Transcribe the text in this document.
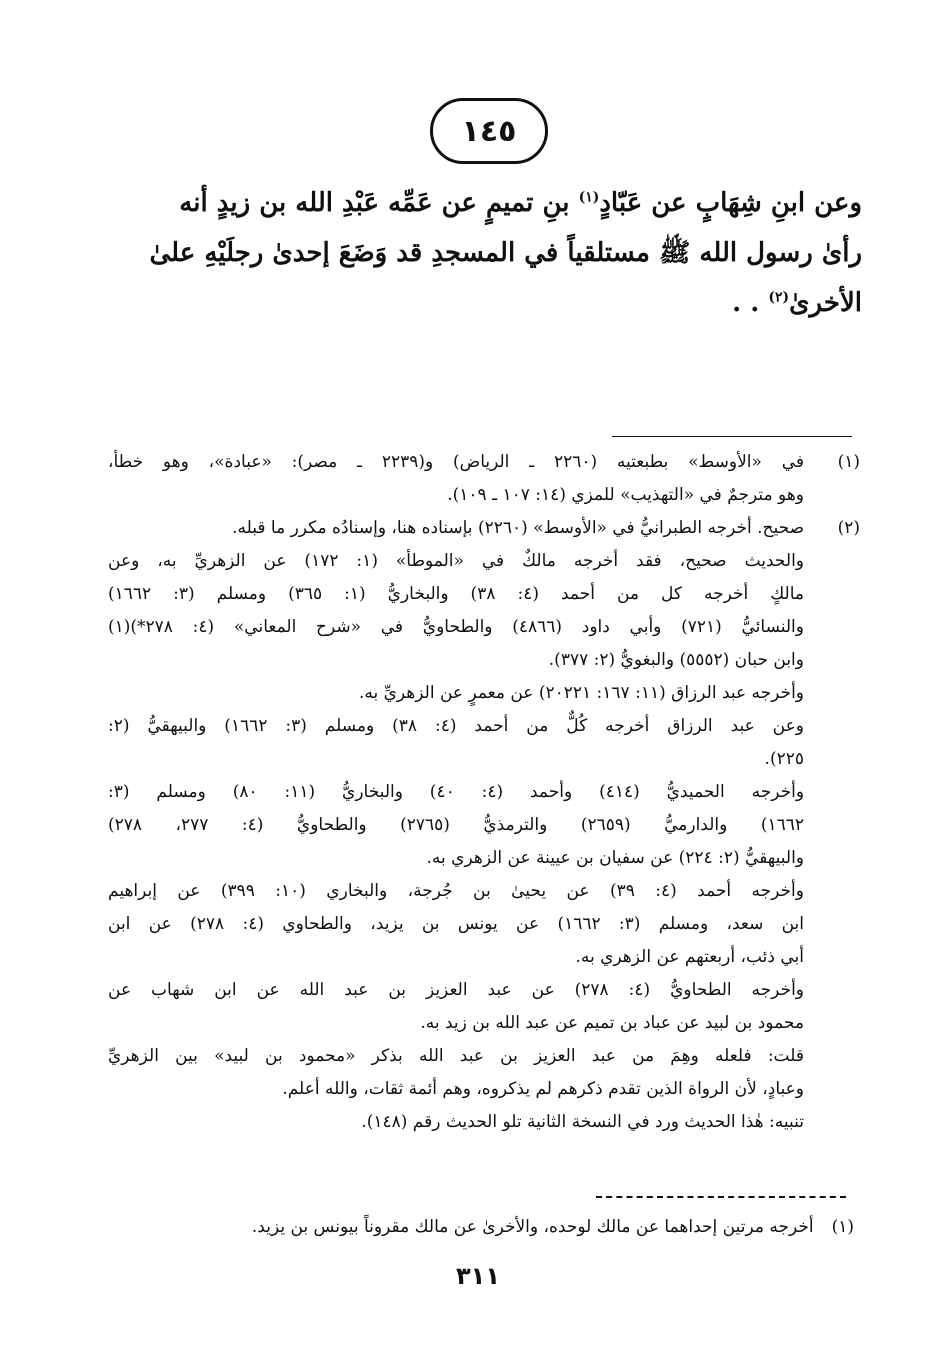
١٤٥

وعن ابنِ شِهَابٍ عن عَبّادٍ$^{(١)}$ بنِ تميمٍ عن عَمِّه عَبْدِ الله بن زيدٍ أنه

رأىٰ رسول الله ﷺ مستلقياً في المسجدِ قد وَضَعَ إحدىٰ رجلَيْهِ علىٰ

الأخرىٰ$^{(٢)}$ . .

(١)
في «الأوسط» بطبعتيه (٢٢٦٠ ـ الرياض) و(٢٢٣٩ ـ مصر): «عبادة»، وهو خطأ،
وهو مترجمٌ في «التهذيب» للمزي (١٤: ١٠٧ ـ ١٠٩).
(٢)
صحيح. أخرجه الطبرانيُّ في «الأوسط» (٢٢٦٠) بإسناده هنا، وإسنادُه مكرر ما قبله.
والحديث صحيح، فقد أخرجه مالكٌ في «الموطأ» (١: ١٧٢) عن الزهريِّ به، وعن
مالكٍ أخرجه كل من أحمد (٤: ٣٨) والبخاريُّ (١: ٣٦٥) ومسلم (٣: ١٦٦٢)
والنسائيُّ (٧٢١) وأبي داود (٤٨٦٦) والطحاويُّ في «شرح المعاني» (٤: ٢٧٨*)(١)
وابن حبان (٥٥٥٢) والبغويُّ (٢: ٣٧٧).
وأخرجه عبد الرزاق (١١: ١٦٧: ٢٠٢٢١) عن معمرٍ عن الزهريِّ به.
وعن عبد الرزاق أخرجه كُلٌّ من أحمد (٤: ٣٨) ومسلم (٣: ١٦٦٢) والبيهقيُّ (٢:
٢٢٥).
وأخرجه الحميديُّ (٤١٤) وأحمد (٤: ٤٠) والبخاريُّ (١١: ٨٠) ومسلم (٣:
١٦٦٢) والدارميُّ (٢٦٥٩) والترمذيُّ (٢٧٦٥) والطحاويُّ (٤: ٢٧٧، ٢٧٨)
والبيهقيُّ (٢: ٢٢٤) عن سفيان بن عيينة عن الزهري به.
وأخرجه أحمد (٤: ٣٩) عن يحيىٰ بن جُرجة، والبخاري (١٠: ٣٩٩) عن إبراهيم
ابن سعد، ومسلم (٣: ١٦٦٢) عن يونس بن يزيد، والطحاوي (٤: ٢٧٨) عن ابن
أبي ذئب، أربعتهم عن الزهري به.
وأخرجه الطحاويُّ (٤: ٢٧٨) عن عبد العزيز بن عبد الله عن ابن شهاب عن
محمود بن لبيد عن عباد بن تميم عن عبد الله بن زيد به.
قلت: فلعله وهِمَ من عبد العزيز بن عبد الله بذكر «محمود بن لبيد» بين الزهريِّ
وعبادٍ، لأن الرواة الذين تقدم ذكرهم لم يذكروه، وهم أئمة ثقات، والله أعلم.
تنبيه: هٰذا الحديث ورد في النسخة الثانية تلو الحديث رقم (١٤٨).
(١)أخرجه مرتين إحداهما عن مالك لوحده، والأخرىٰ عن مالك مقروناً بيونس بن يزيد.
٣١١
